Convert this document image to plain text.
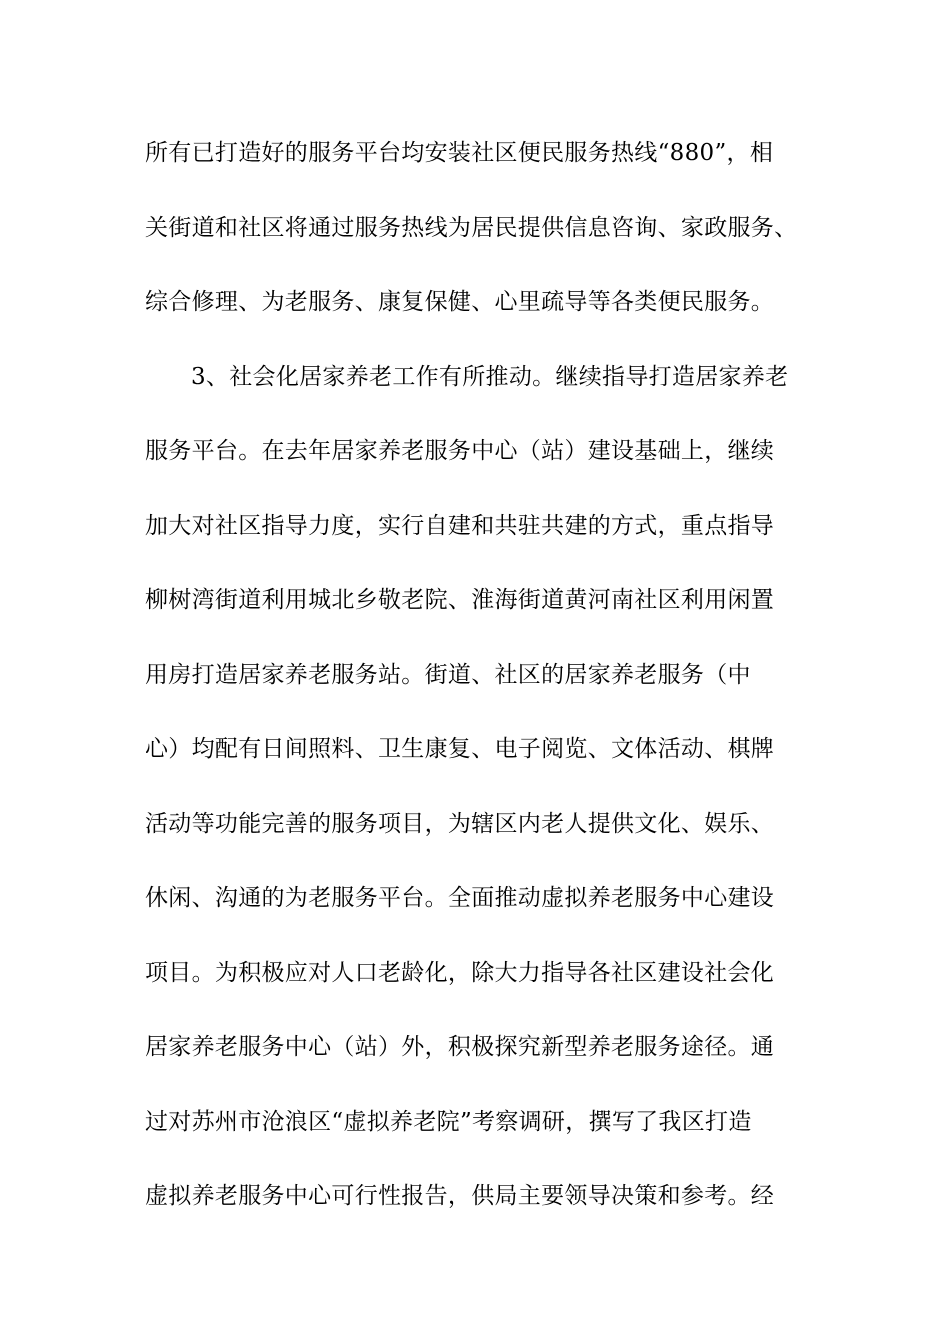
所有已打造好的服务平台均安装社区便民服务热线“880”，相
关街道和社区将通过服务热线为居民提供信息咨询、家政服务、
综合修理、为老服务、康复保健、心里疏导等各类便民服务。
3、社会化居家养老工作有所推动。继续指导打造居家养老
服务平台。在去年居家养老服务中心（站）建设基础上，继续
加大对社区指导力度，实行自建和共驻共建的方式，重点指导
柳树湾街道利用城北乡敬老院、淮海街道黄河南社区利用闲置
用房打造居家养老服务站。街道、社区的居家养老服务（中
心）均配有日间照料、卫生康复、电子阅览、文体活动、棋牌
活动等功能完善的服务项目，为辖区内老人提供文化、娱乐、
休闲、沟通的为老服务平台。全面推动虚拟养老服务中心建设
项目。为积极应对人口老龄化，除大力指导各社区建设社会化
居家养老服务中心（站）外，积极探究新型养老服务途径。通
过对苏州市沧浪区“虚拟养老院”考察调研，撰写了我区打造
虚拟养老服务中心可行性报告，供局主要领导决策和参考。经
